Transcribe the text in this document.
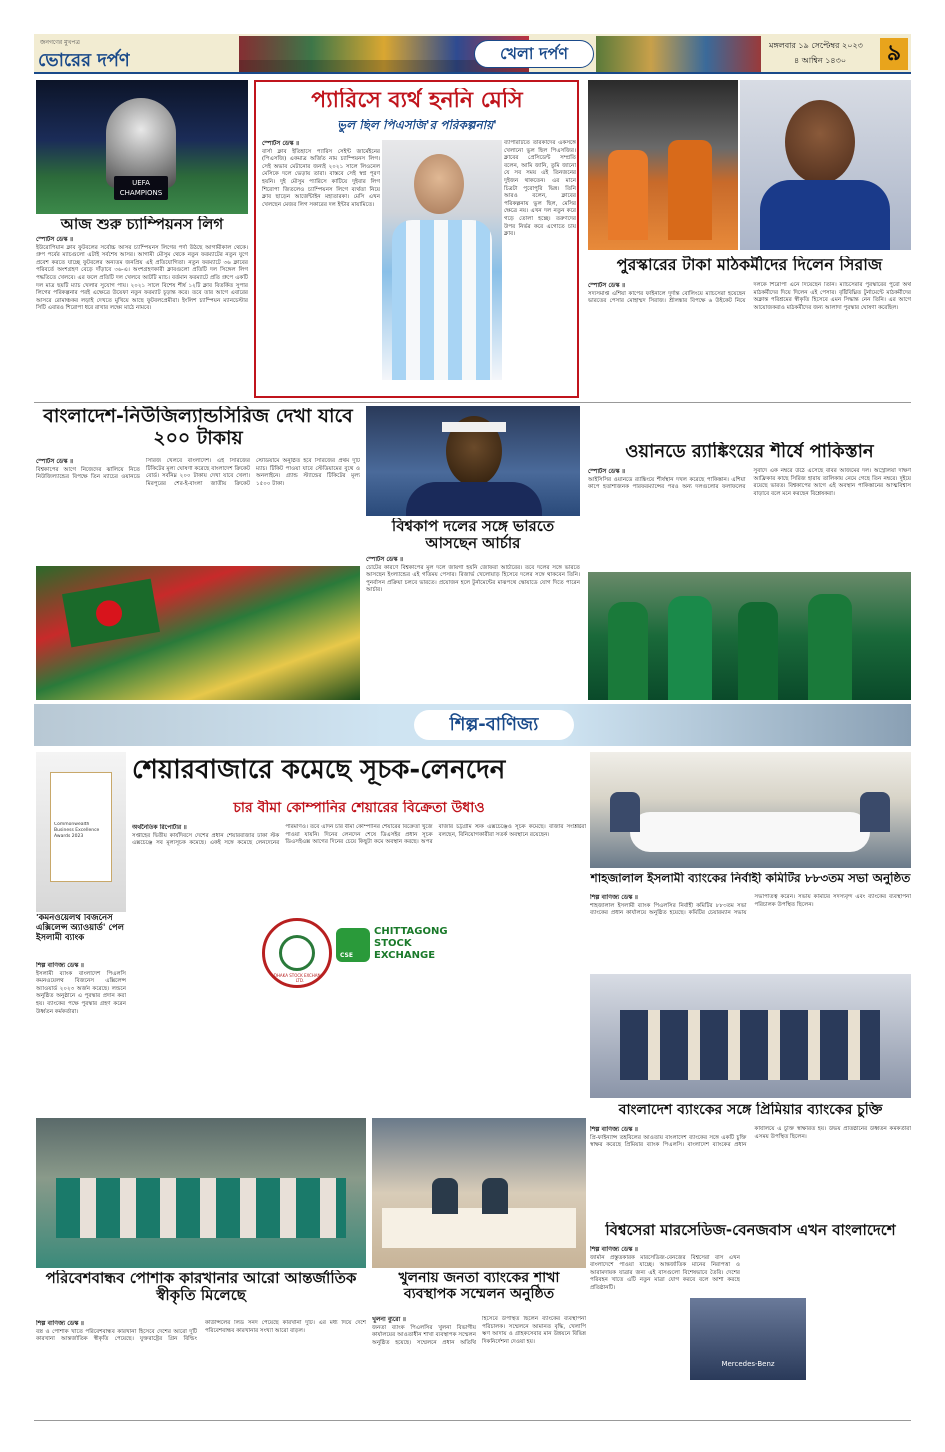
জনগণের মুখপত্র
ভোরের দর্পণ	খেলা দর্পণ	মঙ্গলবার ১৯ সেপ্টেম্বর ২০২৩
৪ আশ্বিন ১৪৩০	৯
UEFA
CHAMPIONS
আজ শুরু চ্যাম্পিয়নস লিগ
স্পোর্টস ডেস্ক ॥
ইউরোপিয়ান ক্লাব ফুটবলের সর্বোচ্চ আসর চ্যাম্পিয়নস লিগের পর্দা উঠছে আগামীকাল থেকে। গ্রুপ পর্বের ম্যাচগুলো এটাই সর্বশেষ আসর। আগামী মৌসুম থেকে নতুন ফরম্যাটের নতুন যুগে প্রবেশ করতে যাচ্ছে ফুটবলের অন্যতম জনপ্রিয় এই প্রতিযোগিতা। নতুন ফরম্যাটে ৩৬ ক্লাবের পরিবর্তে অংশগ্রহণ বেড়ে দাঁড়াবে ৩৬-এ। অংশগ্রহণকারী ক্লাবগুলো প্রতিটি দল সিঙ্গেল লিগ পদ্ধতিতে খেলবে। এর ফলে প্রতিটি দল খেলবে আটটি ম্যাচ। বর্তমান ফরম্যাটে প্রতি গ্রুপে একটি দল মাত্র ছয়টি ম্যাচ খেলার সুযোগ পায়। ২০২১ সালে বিশেষ শীর্ষ ১২টি ক্লাব বিতর্কিত সুপার লিগের পরিকল্পনার পরই এক্ষেত্রে উয়েফা নতুন ফরম্যাট চূড়ান্ত করে। তবে তার আগে এবারের আসরে রোমাঞ্চকর লড়াই দেখতে মুখিয়ে আছে ফুটবলপ্রেমীরা। ইংলিশ চ্যাম্পিয়ন ম্যানচেস্টার সিটি এবারও শিরোপা ধরে রাখার লক্ষ্যে মাঠে নামবে।
প্যারিসে ব্যর্থ হননি মেসি
ভুল ছিল পিএসজি'র পরিকল্পনায়'
স্পোর্টস ডেস্ক ॥
বার্সা ক্লাব ইতিহাসে প্যারিস সেইন্ট জার্মেইনের (পিএসজি) একমাত্র অর্জিত নাম চ্যাম্পিয়নস লিগ। সেই অভাব মেটানোর জন্যই ২০২১ সালে লিওনেল মেসিকে দলে ভেড়ায় তারা। বাস্তবে সেই স্বপ্ন পূরণ হয়নি। দুই মৌসুম প্যারিসে কাটিয়ে দুইবার লিগ শিরোপা জিতলেও চ্যাম্পিয়নস লিগে ব্যর্থতা নিয়ে ক্লাব ছাড়েন আর্জেন্টাইন মহাতারকা। মেসি এখন খেলছেন মেজর লিগ সকারের দল ইন্টার মায়ামিতে।
ব্যাপারটিতে তারকাদের একসঙ্গে খেলানো ভুল ছিল পিএসজির। ক্লাবের প্রেসিডেন্ট সম্প্রতি বলেন, আমি জানি, তুমি জানো যে সব সময় এই তিনজনের দুইজন থাকতেন। এর মানে চিত্রটা পুরোপুরি ভিন্ন। তিনি আরও বলেন, ক্লাবের পরিকল্পনায় ভুল ছিল, মেসির ক্ষেত্রে নয়। এখন দল নতুন করে গড়ে তোলা হচ্ছে। তরুণদের উপর নির্ভর করে এগোতে চায় ক্লাব।
পুরস্কারের টাকা মাঠকর্মীদের দিলেন সিরাজ
স্পোর্টস ডেস্ক ॥
সদ্যসমাপ্ত এশিয়া কাপের ফাইনালে দুর্দান্ত বোলিংয়ে ম্যাচসেরা হয়েছেন ভারতের পেসার মোহাম্মদ সিরাজ। শ্রীলঙ্কার বিপক্ষে ৬ উইকেট নিয়ে দলকে শিরোপা এনে দিয়েছেন তিনি। ম্যাচসেরার পুরস্কারের পুরো অর্থ মাঠকর্মীদের দিয়ে দিলেন এই পেসার। বৃষ্টিবিঘ্নিত টুর্নামেন্টে মাঠকর্মীদের অক্লান্ত পরিশ্রমের স্বীকৃতি হিসেবে এমন সিদ্ধান্ত নেন তিনি। এর আগে আয়োজকরাও মাঠকর্মীদের জন্য আলাদা পুরস্কার ঘোষণা করেছিল।
বাংলাদেশ-নিউজিল্যান্ডসিরিজ দেখা যাবে ২০০ টাকায়
স্পোর্টস ডেস্ক ॥
বিশ্বকাপের আগে নিজেদের ঝালিয়ে নিতে নিউজিল্যান্ডের বিপক্ষে তিন ম্যাচের ওয়ানডে সিরিজ খেলবে বাংলাদেশ। এই সিরিজের টিকিটের মূল্য ঘোষণা করেছে বাংলাদেশ ক্রিকেট বোর্ড। সর্বনিম্ন ২০০ টাকায় দেখা যাবে খেলা। মিরপুরের শের-ই-বাংলা জাতীয় ক্রিকেট স্টেডিয়ামে অনুষ্ঠিত হবে সিরিজের প্রথম দুটি ম্যাচ। টিকিট পাওয়া যাবে স্টেডিয়ামের বুথে ও অনলাইনে। গ্র্যান্ড স্ট্যান্ডের টিকিটের মূল্য ১৫০০ টাকা।
বিশ্বকাপ দলের সঙ্গে ভারতে আসছেন আর্চার
স্পোর্টস ডেস্ক ॥
চোটের কারণে বিশ্বকাপের মূল দলে জায়গা হয়নি জোফরা আর্চারের। তবে দলের সঙ্গে ভারতে আসছেন ইংল্যান্ডের এই গতিময় পেসার। রিজার্ভ খেলোয়াড় হিসেবে দলের সঙ্গে থাকবেন তিনি। পুনর্বাসন প্রক্রিয়া চলবে ভারতে। প্রয়োজন হলে টুর্নামেন্টের মাঝপথে স্কোয়াডে যোগ দিতে পারেন আর্চার।
ওয়ানডে র‍্যাঙ্কিংয়ের শীর্ষে পাকিস্তান
স্পোর্টস ডেস্ক ॥
আইসিসির ওয়ানডে র‍্যাঙ্কিংয়ে শীর্ষস্থান দখল করেছে পাকিস্তান। এশিয়া কাপে হতাশাজনক পারফরম্যান্সের পরও অন্য দলগুলোর ফলাফলের সুবাদে এক নম্বরে উঠে এসেছে বাবর আজমের দল। অস্ট্রেলিয়া দক্ষিণ আফ্রিকার কাছে সিরিজ হারায় তালিকায় নেমে গেছে তিন নম্বরে। দুইয়ে রয়েছে ভারত। বিশ্বকাপের আগে এই অবস্থান পাকিস্তানের আত্মবিশ্বাস বাড়াবে বলে মনে করছেন বিশ্লেষকরা।
শিল্প-বাণিজ্য
Commonwealth Business Excellence Awards 2023
শেয়ারবাজারে কমেছে সূচক-লেনদেন
চার বীমা কোম্পানির শেয়ারের বিক্রেতা উধাও
অর্থনৈতিক রিপোর্টার ॥
সপ্তাহের দ্বিতীয় কার্যদিবসে দেশের প্রধান শেয়ারবাজার ঢাকা স্টক এক্সচেঞ্জে সব মূল্যসূচক কমেছে। একই সঙ্গে কমেছে লেনদেনের পরিমাণও। তবে এদিন চার বীমা কোম্পানির শেয়ারের বিক্রেতা খুঁজে পাওয়া যায়নি। দিনের লেনদেন শেষে ডিএসইর প্রধান সূচক ডিএসইএক্স আগের দিনের চেয়ে কিছুটা কমে অবস্থান করছে। অপর বাজার চট্টগ্রাম স্টক এক্সচেঞ্জেও সূচক কমেছে। বাজার সংশ্লিষ্টরা বলছেন, বিনিয়োগকারীরা সতর্ক অবস্থানে রয়েছেন।
'কমনওয়েলথ বিজনেস এক্সিলেন্স অ্যাওয়ার্ড' পেল ইসলামী ব্যাংক
শিল্প বাণিজ্য ডেস্ক ॥
ইসলামী ব্যাংক বাংলাদেশ পিএলসি কমনওয়েলথ বিজনেস এক্সিলেন্স অ্যাওয়ার্ড ২০২৩ অর্জন করেছে। লন্ডনে অনুষ্ঠিত অনুষ্ঠানে এ পুরস্কার প্রদান করা হয়। ব্যাংকের পক্ষে পুরস্কার গ্রহণ করেন উর্ধ্বতন কর্মকর্তারা।
DHAKA STOCK EXCHANGE LTD.
CSE
CHITTAGONG STOCK EXCHANGE
শাহজালাল ইসলামী ব্যাংকের নির্বাহী কমিটির ৮৮৩তম সভা অনুষ্ঠিত
শিল্প বাণিজ্য ডেস্ক ॥
শাহজালাল ইসলামী ব্যাংক পিএলসির নির্বাহী কমিটির ৮৮৩তম সভা ব্যাংকের প্রধান কার্যালয়ে অনুষ্ঠিত হয়েছে। কমিটির চেয়ারম্যান সভায় সভাপতিত্ব করেন। সভায় কমিটির সদস্যবৃন্দ এবং ব্যাংকের ব্যবস্থাপনা পরিচালক উপস্থিত ছিলেন।
বাংলাদেশ ব্যাংকের সঙ্গে প্রিমিয়ার ব্যাংকের চুক্তি
শিল্প বাণিজ্য ডেস্ক ॥
প্রি-ফাইন্যান্স তহবিলের আওতায় বাংলাদেশ ব্যাংকের সঙ্গে একটি চুক্তি স্বাক্ষর করেছে প্রিমিয়ার ব্যাংক পিএলসি। বাংলাদেশ ব্যাংকের প্রধান কার্যালয়ে এ চুক্তি স্বাক্ষরিত হয়। উভয় প্রতিষ্ঠানের উর্ধ্বতন কর্মকর্তারা এসময় উপস্থিত ছিলেন।
বিশ্বসেরা মারসেডিজ-বেনজবাস এখন বাংলাদেশে
শিল্প বাণিজ্য ডেস্ক ॥
জার্মান প্রস্তুতকারক মারসেডিজ-বেনজের বিশ্বসেরা বাস এখন বাংলাদেশে পাওয়া যাচ্ছে। আন্তর্জাতিক মানের নিরাপত্তা ও আরামদায়ক যাত্রার জন্য এই বাসগুলো বিশেষভাবে তৈরি। দেশের পরিবহন খাতে এটি নতুন মাত্রা যোগ করবে বলে আশা করছে প্রতিষ্ঠানটি।
Mercedes-Benz
পরিবেশবান্ধব পোশাক কারখানার আরো আন্তর্জাতিক স্বীকৃতি মিলেছে
শিল্প বাণিজ্য ডেস্ক ॥
বস্ত্র ও পোশাক খাতে পরিবেশবান্ধব কারখানা হিসেবে দেশের আরো দুটি কারখানা আন্তর্জাতিক স্বীকৃতি পেয়েছে। যুক্তরাষ্ট্রের গ্রিন বিল্ডিং কাউন্সিলের লিড সনদ পেয়েছে কারখানা দুটি। এর মধ্য দিয়ে দেশে পরিবেশবান্ধব কারখানার সংখ্যা আরো বাড়ল।
খুলনায় জনতা ব্যাংকের শাখা ব্যবস্থাপক সম্মেলন অনুষ্ঠিত
খুলনা ব্যুরো ॥
জনতা ব্যাংক পিএলসির খুলনা বিভাগীয় কার্যালয়ের আওতাধীন শাখা ব্যবস্থাপক সম্মেলন অনুষ্ঠিত হয়েছে। সম্মেলনে প্রধান অতিথি হিসেবে উপস্থিত ছিলেন ব্যাংকের ব্যবস্থাপনা পরিচালক। সম্মেলনে আমানত বৃদ্ধি, খেলাপি ঋণ আদায় ও গ্রাহকসেবার মান উন্নয়নে বিভিন্ন দিকনির্দেশনা দেওয়া হয়।
